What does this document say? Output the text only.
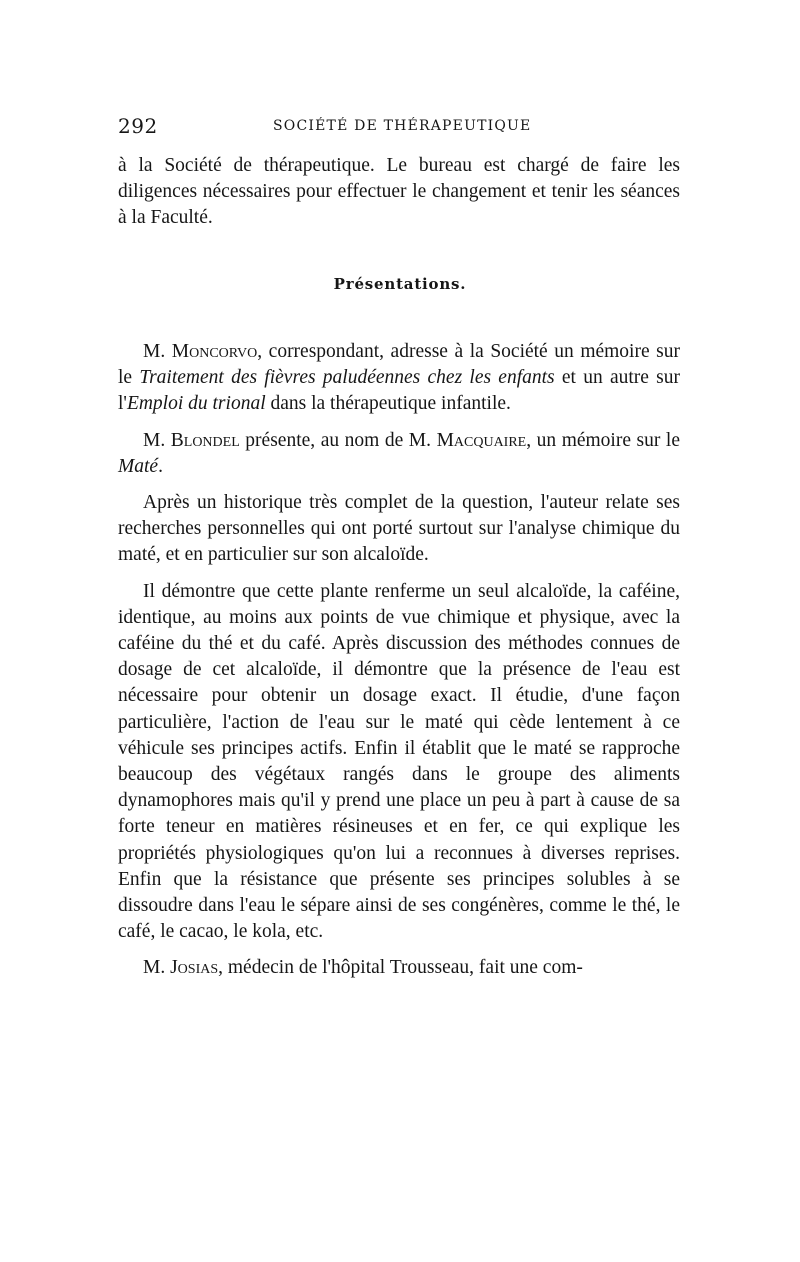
292	SOCIÉTÉ DE THÉRAPEUTIQUE

à la Société de thérapeutique. Le bureau est chargé de faire les diligences nécessaires pour effectuer le changement et tenir les séances à la Faculté.

Présentations.

M. Moncorvo, correspondant, adresse à la Société un mémoire sur le Traitement des fièvres paludéennes chez les enfants et un autre sur l'Emploi du trional dans la thérapeutique infantile.

M. Blondel présente, au nom de M. Macquaire, un mémoire sur le Maté.

Après un historique très complet de la question, l'auteur relate ses recherches personnelles qui ont porté surtout sur l'analyse chimique du maté, et en particulier sur son alcaloïde.

Il démontre que cette plante renferme un seul alcaloïde, la caféine, identique, au moins aux points de vue chimique et physique, avec la caféine du thé et du café. Après discussion des méthodes connues de dosage de cet alcaloïde, il démontre que la présence de l'eau est nécessaire pour obtenir un dosage exact. Il étudie, d'une façon particulière, l'action de l'eau sur le maté qui cède lentement à ce véhicule ses principes actifs. Enfin il établit que le maté se rapproche beaucoup des végétaux rangés dans le groupe des aliments dynamophores mais qu'il y prend une place un peu à part à cause de sa forte teneur en matières résineuses et en fer, ce qui explique les propriétés physiologiques qu'on lui a reconnues à diverses reprises. Enfin que la résistance que présente ses principes solubles à se dissoudre dans l'eau le sépare ainsi de ses congénères, comme le thé, le café, le cacao, le kola, etc.

M. Josias, médecin de l'hôpital Trousseau, fait une com-
